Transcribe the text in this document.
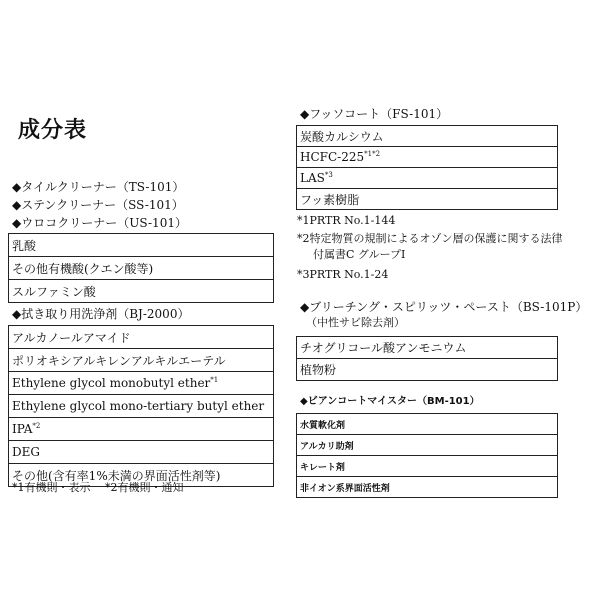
成分表
◆タイルクリーナー（TS-101）
◆ステンクリーナー（SS-101）
◆ウロコクリーナー（US-101）
乳酸
その他有機酸(クエン酸等)
スルファミン酸
◆拭き取り用洗浄剤（BJ-2000）
アルカノールアマイド
ポリオキシアルキレンアルキルエーテル
Ethylene glycol monobutyl ether$^{*1}$
Ethylene glycol mono-tertiary butyl ether
IPA$^{*2}$
DEG
その他(含有率1%未満の界面活性剤等)
*1有機則・表示　 *2有機則・通知
◆フッソコート（FS-101）
炭酸カルシウム
HCFC-$225^{*1*2}$
LAS$^{*3}$
フッ素樹脂
*1PRTR No.1-144
*2特定物質の規制によるオゾン層の保護に関する法律
付属書C グループⅠ
*3PRTR No.1-24
◆ブリーチング・スピリッツ・ペースト（BS-101P）
（中性サビ除去剤）
チオグリコール酸アンモニウム
植物粉
◆ビアンコートマイスター（BM-101）
水質軟化剤
アルカリ助剤
キレート剤
非イオン系界面活性剤
